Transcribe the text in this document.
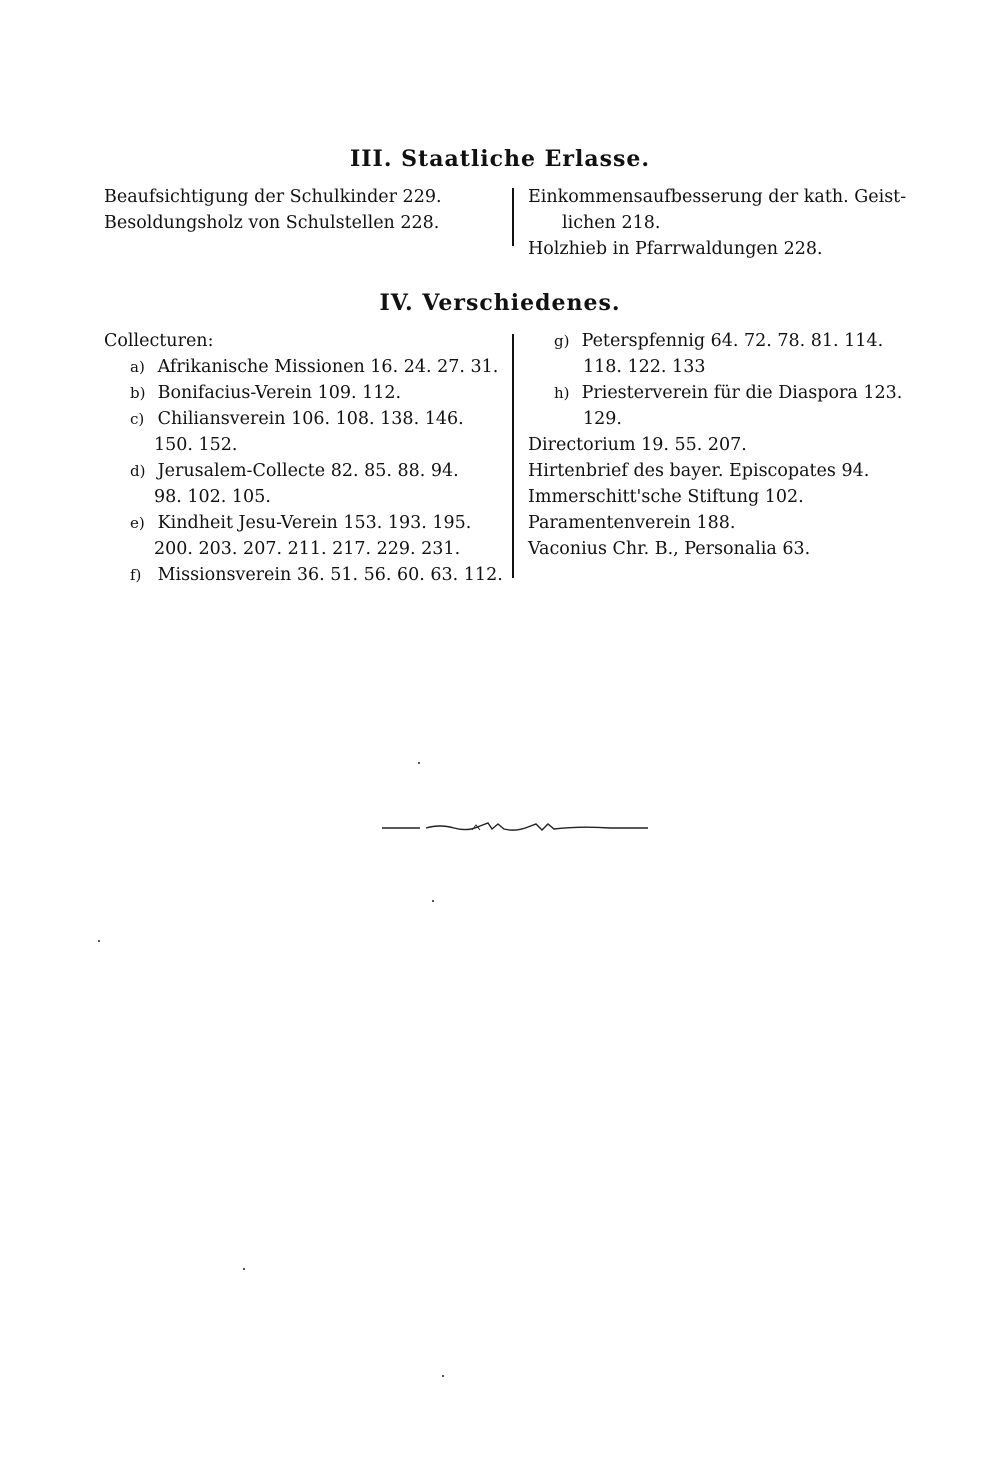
III. Staatliche Erlasse.
Beaufsichtigung der Schulkinder 229.
Besoldungsholz von Schulstellen 228.
Einkommensaufbesserung der kath. Geist-
lichen 218.
Holzhieb in Pfarrwaldungen 228.
IV. Verschiedenes.
Collecturen:
a) Afrikanische Missionen 16. 24. 27. 31.
b) Bonifacius-Verein 109. 112.
c) Chiliansverein 106. 108. 138. 146.
150. 152.
d) Jerusalem-Collecte 82. 85. 88. 94.
98. 102. 105.
e) Kindheit Jesu-Verein 153. 193. 195.
200. 203. 207. 211. 217. 229. 231.
f) Missionsverein 36. 51. 56. 60. 63. 112.
g) Peterspfennig 64. 72. 78. 81. 114.
118. 122. 133
h) Priesterverein für die Diaspora 123.
129.
Directorium 19. 55. 207.
Hirtenbrief des bayer. Episcopates 94.
Immerschitt'sche Stiftung 102.
Paramentenverein 188.
Vaconius Chr. B., Personalia 63.
